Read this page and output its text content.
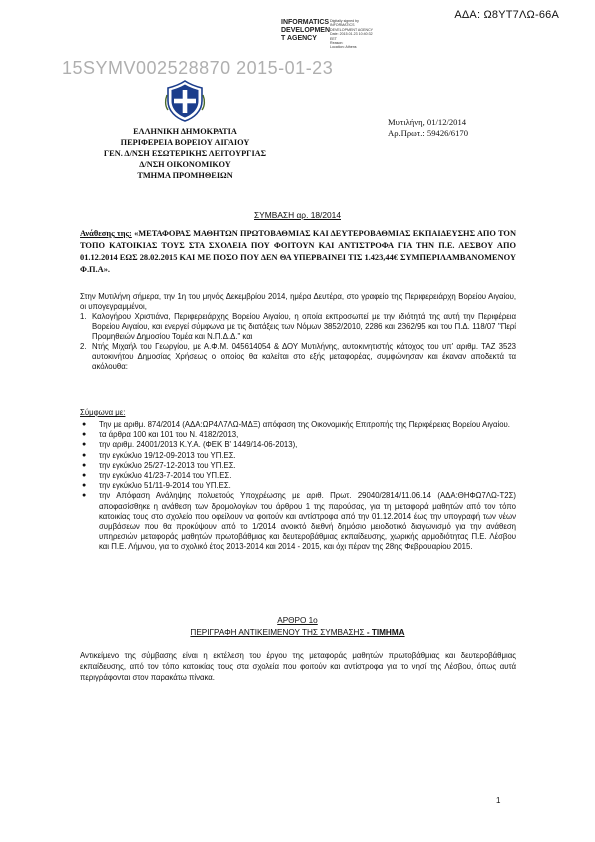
ΑΔΑ: Ω8ΥΤ7ΛΩ-66Α
INFORMATICS
DEVELOPMEN
T AGENCY
Digitally signed by
INFORMATICS
DEVELOPMENT AGENCY
Date: 2015.01.23 10:40:32
EET
Reason:
Location: Athens
15SYMV002528870 2015-01-23
ΕΛΛΗΝΙΚΗ ΔΗΜΟΚΡΑΤΙΑ
ΠΕΡΙΦΕΡΕΙΑ ΒΟΡΕΙΟΥ ΑΙΓΑΙΟΥ
ΓΕΝ. Δ/ΝΣΗ ΕΣΩΤΕΡΙΚΗΣ ΛΕΙΤΟΥΡΓΙΑΣ
Δ/ΝΣΗ ΟΙΚΟΝΟΜΙΚΟΥ
ΤΜΗΜΑ ΠΡΟΜΗΘΕΙΩΝ
Μυτιλήνη, 01/12/2014
Αρ.Πρωτ.: 59426/6170
ΣΥΜΒΑΣΗ αρ. 18/2014
Ανάθεσης της: «ΜΕΤΑΦΟΡΑΣ ΜΑΘΗΤΩΝ ΠΡΩΤΟΒΑΘΜΙΑΣ ΚΑΙ ΔΕΥΤΕΡΟΒΑΘΜΙΑΣ ΕΚΠΑΙΔΕΥΣΗΣ ΑΠΟ ΤΟΝ ΤΟΠΟ ΚΑΤΟΙΚΙΑΣ ΤΟΥΣ ΣΤΑ ΣΧΟΛΕΙΑ ΠΟΥ ΦΟΙΤΟΥΝ ΚΑΙ ΑΝΤΙΣΤΡΟΦΑ ΓΙΑ ΤΗΝ Π.Ε. ΛΕΣΒΟΥ ΑΠΟ 01.12.2014 ΕΩΣ 28.02.2015 ΚΑΙ ΜΕ ΠΟΣΟ ΠΟΥ ΔΕΝ ΘΑ ΥΠΕΡΒΑΙΝΕΙ ΤΙΣ 1.423,44€ ΣΥΜΠΕΡΙΛΑΜΒΑΝΟΜΕΝΟΥ Φ.Π.Α».
Στην Μυτιλήνη σήμερα, την 1η του μηνός Δεκεμβρίου 2014, ημέρα Δευτέρα, στο γραφείο της Περιφερειάρχη Βορείου Αιγαίου, οι υπογεγραμμένοι,
1. Καλογήρου Χριστιάνα, Περιφερειάρχης Βορείου Αιγαίου, η οποία εκπροσωπεί με την ιδιότητά της αυτή την Περιφέρεια Βορείου Αιγαίου, και ενεργεί σύμφωνα με τις διατάξεις των Νόμων 3852/2010, 2286 και 2362/95 και του Π.Δ. 118/07 "Περί Προμηθειών Δημοσίου Τομέα και Ν.Π.Δ.Δ." και
2. Ντής Μιχαήλ του Γεωργίου, με Α.Φ.Μ. 045614054 & ΔΟΥ Μυτιλήνης, αυτοκινητιστής κάτοχος του υπ' αριθμ. ΤΑΖ 3523 αυτοκινήτου Δημοσίας Χρήσεως ο οποίος θα καλείται στο εξής μεταφορέας, συμφώνησαν και έκαναν αποδεκτά τα ακόλουθα:
Σύμφωνα με:
● Την με αριθμ. 874/2014 (ΑΔΑ:ΩΡ4Λ7ΛΩ-ΜΔΞ) απόφαση της Οικονομικής Επιτροπής της Περιφέρειας Βορείου Αιγαίου.
● τα άρθρα 100 και 101 του Ν. 4182/2013,
● την αριθμ. 24001/2013 Κ.Υ.Α. (ΦΕΚ Β' 1449/14-06-2013),
● την εγκύκλιο 19/12-09-2013 του ΥΠ.ΕΣ.
● την εγκύκλιο 25/27-12-2013 του ΥΠ.ΕΣ.
● την εγκύκλιο 41/23-7-2014 του ΥΠ.ΕΣ.
● την εγκύκλιο 51/11-9-2014 του ΥΠ.ΕΣ.
● την Απόφαση Ανάληψης πολυετούς Υποχρέωσης με αριθ. Πρωτ. 29040/2814/11.06.14 (ΑΔΑ:ΘΗΦΩ7ΛΩ-Τ2Σ) αποφασίσθηκε η ανάθεση των δρομολογίων του άρθρου 1 της παρούσας, για τη μεταφορά μαθητών από τον τόπο κατοικίας τους στο σχολείο που οφείλουν να φοιτούν και αντίστροφα από την 01.12.2014 έως την υπογραφή των νέων συμβάσεων που θα προκύψουν από το 1/2014 ανοικτό διεθνή δημόσιο μειοδοτικό διαγωνισμό για την ανάθεση υπηρεσιών μεταφοράς μαθητών πρωτοβάθμιας και δευτεροβάθμιας εκπαίδευσης, χωρικής αρμοδιότητας Π.Ε. Λέσβου και Π.Ε. Λήμνου, για το σχολικό έτος 2013-2014 και 2014 - 2015, και όχι πέραν της 28ης Φεβρουαρίου 2015.
ΑΡΘΡΟ 1ο
ΠΕΡΙΓΡΑΦΗ ΑΝΤΙΚΕΙΜΕΝΟΥ ΤΗΣ ΣΥΜΒΑΣΗΣ - ΤΙΜΗΜΑ
Αντικείμενο της σύμβασης είναι η εκτέλεση του έργου της μεταφοράς μαθητών πρωτοβάθμιας και δευτεροβάθμιας εκπαίδευσης, από τον τόπο κατοικίας τους στα σχολεία που φοιτούν και αντίστροφα για το νησί της Λέσβου, όπως αυτά περιγράφονται στον παρακάτω πίνακα.
1
